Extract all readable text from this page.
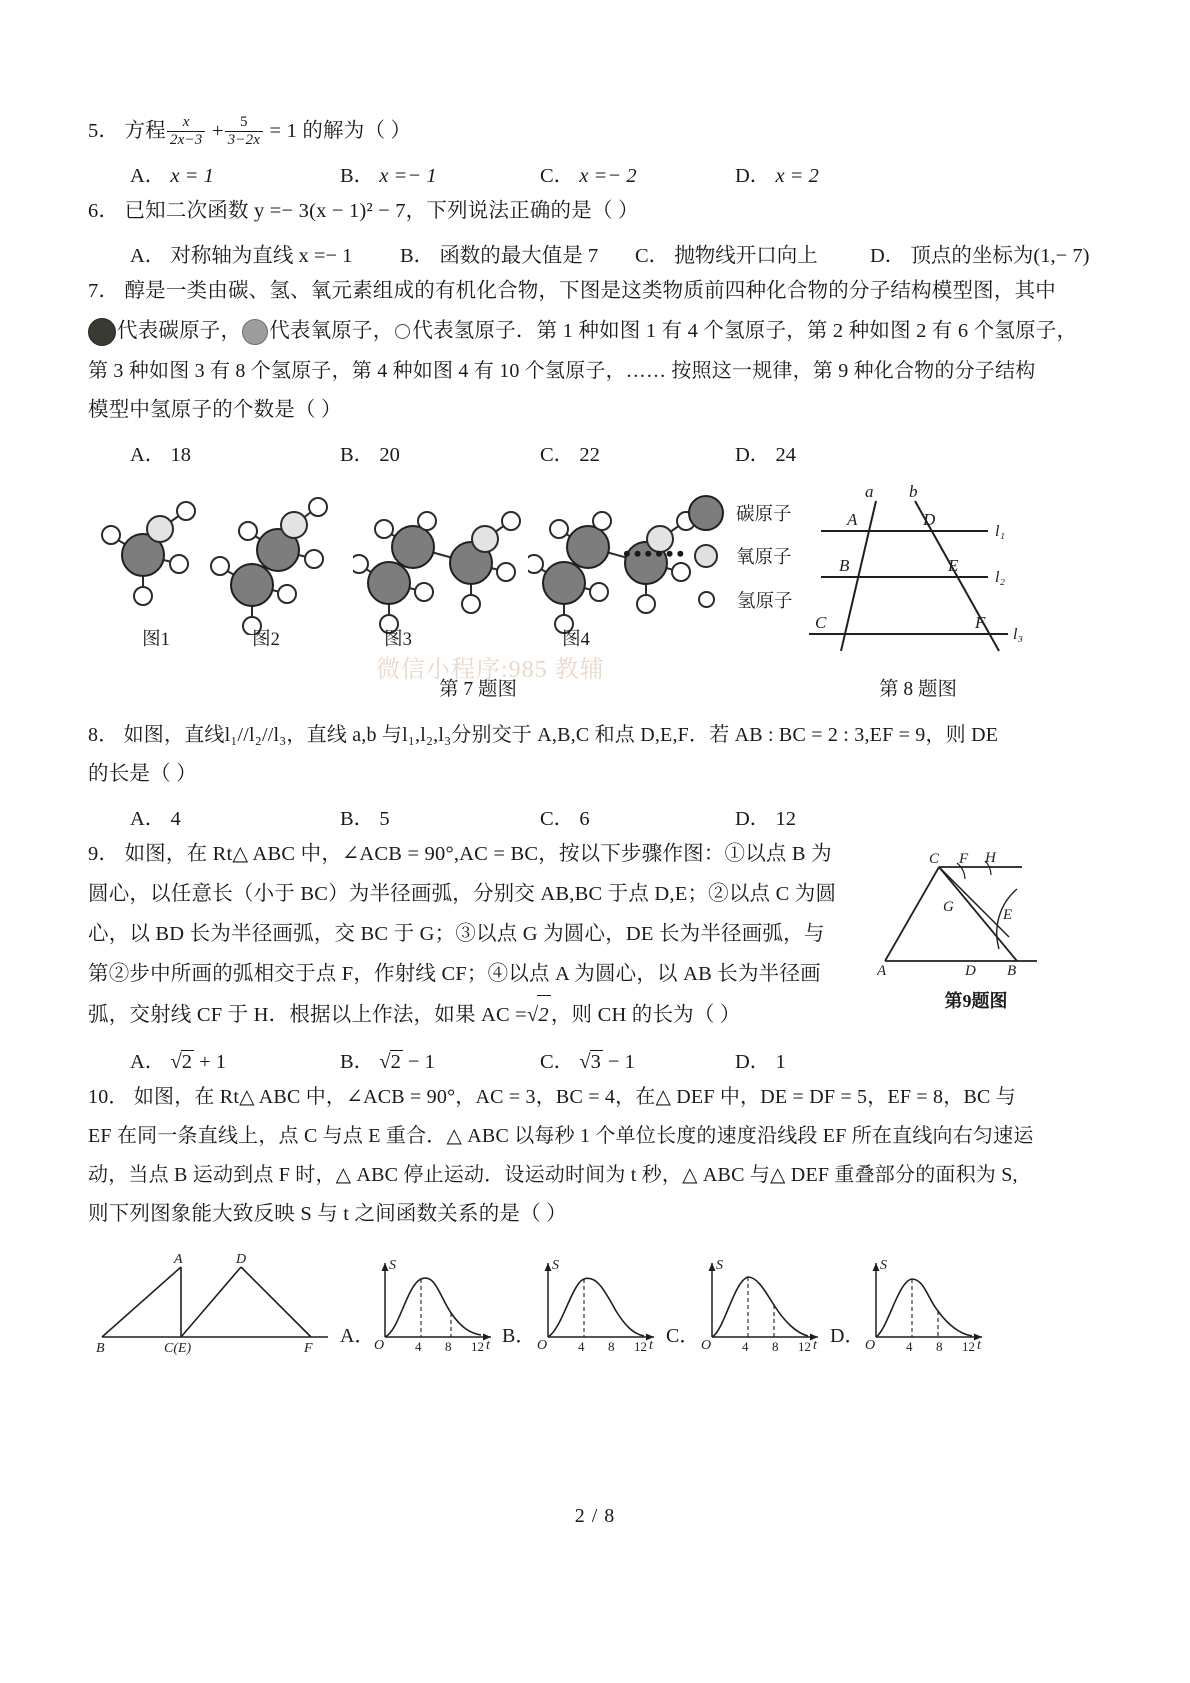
5． 方程 $\frac{x}{2x-3} + \frac{5}{3-2x} = 1$ 的解为（ ）
A． x = 1	B． x =− 1	C． x =− 2	D． x = 2
6． 已知二次函数 y =− 3(x − 1)² − 7，下列说法正确的是（ ）
A． 对称轴为直线 x =− 1	B． 函数的最大值是 7	C． 抛物线开口向上	D． 顶点的坐标为(1,− 7)
7． 醇是一类由碳、氢、氧元素组成的有机化合物，下图是这类物质前四种化合物的分子结构模型图，其中
代表碳原子， 代表氧原子， 代表氢原子．第 1 种如图 1 有 4 个氢原子，第 2 种如图 2 有 6 个氢原子，
第 3 种如图 3 有 8 个氢原子，第 4 种如图 4 有 10 个氢原子，…… 按照这一规律，第 9 种化合物的分子结构
模型中氢原子的个数是（ ）
A． 18	B． 20	C． 22	D． 24
••••••
碳原子
氧原子
氢原子
图1	图2	图3	图4
a b
A	D
B	E
C	F
l₁
l₂
l₃
微信小程序:985 教辅
第 7 题图	第 8 题图
8． 如图，直线l₁//l₂//l₃，直线 a,b 与l₁,l₂,l₃分别交于 A,B,C 和点 D,E,F．若 AB : BC = 2 : 3,EF = 9，则 DE
的长是（ ）
A． 4	B． 5	C． 6	D． 12
9． 如图，在 Rt△ ABC 中，∠ACB = 90°,AC = BC，按以下步骤作图：①以点 B 为
圆心，以任意长（小于 BC）为半径画弧，分别交 AB,BC 于点 D,E；②以点 C 为圆
心，以 BD 长为半径画弧，交 BC 于 G；③以点 G 为圆心，DE 长为半径画弧，与
第②步中所画的弧相交于点 F，作射线 CF；④以点 A 为圆心，以 AB 长为半径画
弧，交射线 CF 于 H．根据以上作法，如果 AC =√2，则 CH 的长为（ ）
C F H
G	E
A	D B
第9题图
A． √2 + 1	B． √2 − 1	C． √3 − 1	D． 1
10． 如图，在 Rt△ ABC 中，∠ACB = 90°，AC = 3，BC = 4，在△ DEF 中，DE = DF = 5，EF = 8，BC 与
EF 在同一条直线上，点 C 与点 E 重合．△ ABC 以每秒 1 个单位长度的速度沿线段 EF 所在直线向右匀速运
动，当点 B 运动到点 F 时，△ ABC 停止运动．设运动时间为 t 秒，△ ABC 与△ DEF 重叠部分的面积为 S,
则下列图象能大致反映 S 与 t 之间函数关系的是（ ）
A	D
B	C(E)	F
A． O 4 8 12
S
t B． O 4 8 12
S
t C． O 4 8 12
S
t D． O 4 8 12
S
t
2 / 8
